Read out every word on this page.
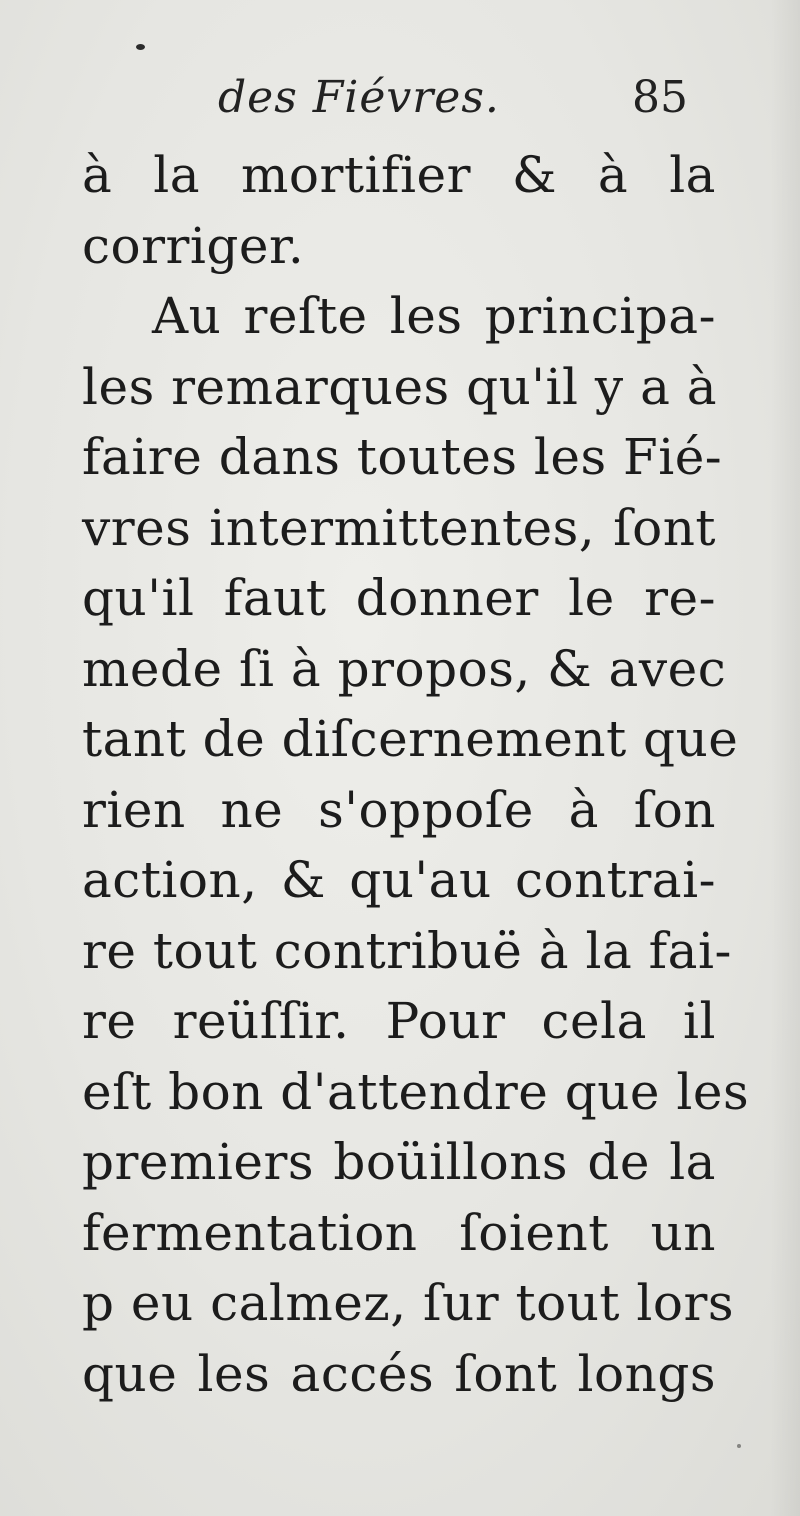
des Fiévres.	85
à la mortifier & à la
corriger.
Au reſte les principa-
les remarques qu'il y a à
faire dans toutes les Fié-
vres intermittentes, ſont
qu'il faut donner le re-
mede ſi à propos, & avec
tant de diſcernement que
rien ne s'oppoſe à ſon
action, & qu'au contrai-
re tout contribuë à la fai-
re reüſſir. Pour cela il
eſt bon d'attendre que les
premiers boüillons de la
fermentation ſoient un
p eu calmez, ſur tout lors
que les accés ſont longs
